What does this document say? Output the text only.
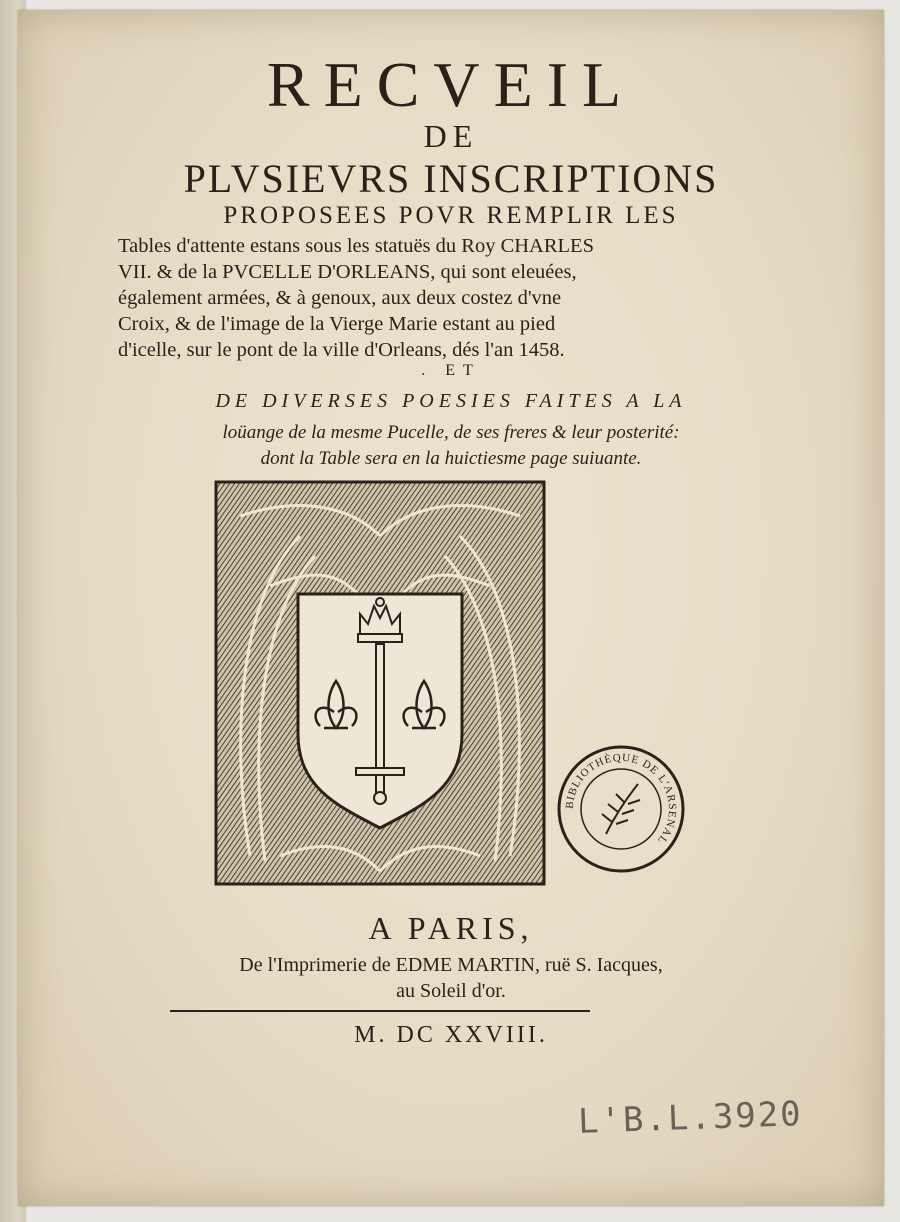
RECVEIL
DE
PLVSIEVRS INSCRIPTIONS
PROPOSEES POVR REMPLIR LES
Tables d'attente estans sous les statuës du Roy CHARLES
VII. & de la PVCELLE D'ORLEANS, qui sont eleuées,
également armées, & à genoux, aux deux costez d'vne
Croix, & de l'image de la Vierge Marie estant au pied
d'icelle, sur le pont de la ville d'Orleans, dés l'an 1458.
. ET
DE DIVERSES POESIES FAITES A LA
loüange de la mesme Pucelle, de ses freres & leur posterité:
dont la Table sera en la huictiesme page suiuante.
BIBLIOTHÈQUE DE L'ARSENAL
A PARIS,
De l'Imprimerie de EDME MARTIN, ruë S. Iacques,
au Soleil d'or.
M. DC XXVIII.
L'B.L.3920
